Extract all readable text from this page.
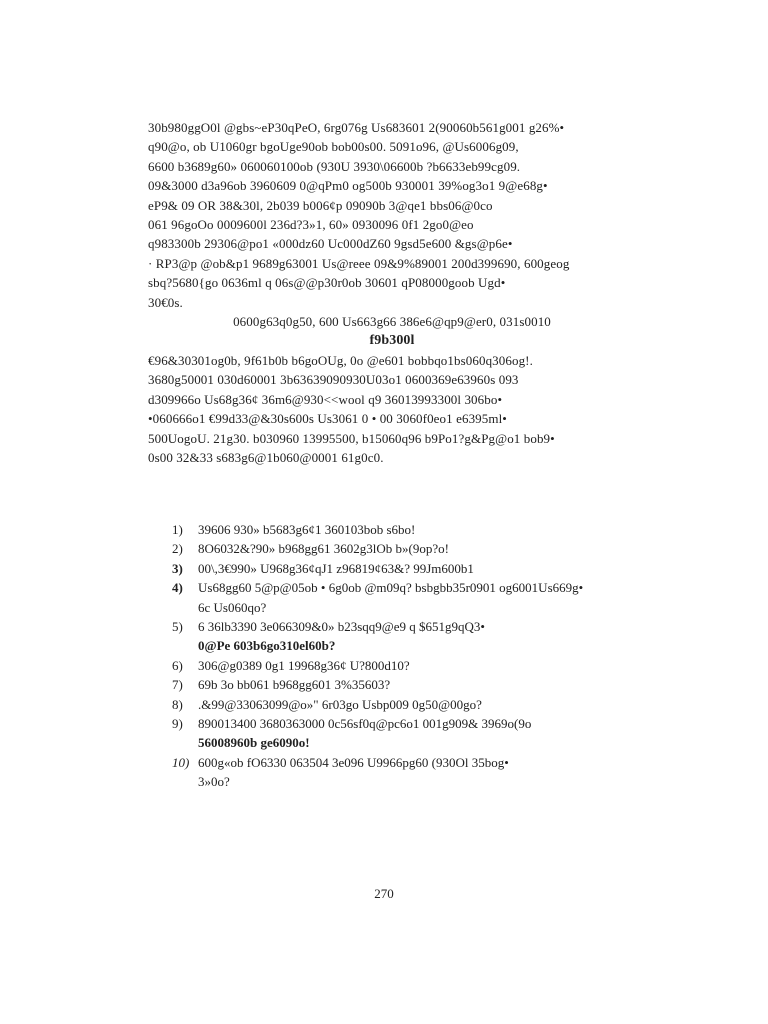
30b980ggO0l @gbs~eP30qPeO, 6rg076g Us683601 2(90060b561g001 g26%•
q90@o, ob U1060gr bgoUge90ob bob00s00. 5091o96, @Us6006g09,
6600 b3689g60» 060060100ob (930U 3930\06600b ?b6633eb99cg09.
09&3000 d3a96ob 3960609 0@qPm0 og500b 930001 39%og3o1 9@e68g•
eP9& 09 OR 38&30l, 2b039 b006¢p 09090b 3@qe1 bbs06@0co
061 96goOo 0009600l 236d?3»1, 60» 0930096 0f1 2go0@eo
q983300b 29306@po1 «000dz60 Uc000dZ60 9gsd5e600 &gs@p6e•
· RP3@p @ob&p1 9689g63001 Us@reee 09&9%89001 200d399690, 600geog
sbq?5680{go 0636ml q 06s@@p30r0ob 30601 qP08000goob Ugd•
30€0s.
0600g63q0g50, 600 Us663g66 386e6@qp9@er0, 031s0010
f9b300l
€96&30301og0b, 9f61b0b b6goOUg, 0o @e601 bobbqo1bs060q306og!.
3680g50001 030d60001 3b63639090930U03o1 0600369e63960s 093
d309966o Us68g36¢ 36m6@930<<wool q9 36013993300l 306bo•
•060666o1 €99d33@&30s600s Us3061 0 • 00 3060f0eo1 e6395ml•
500UogoU. 21g30. b030960 13995500, b15060q96 b9Po1?g&Pg@o1 bob9•
0s00 32&33 s683g6@1b060@0001 61g0c0.
1)	39606 930» b5683g6¢1 360103bob s6bo!
2)	8O6032&?90» b968gg61 3602g3lOb b»(9op?o!
3)	00\,3€990» U968g36¢qJ1 z96819¢63&? 99Jm600b1
4)	Us68gg60 5@p@05ob • 6g0ob @m09q? bsbgbb35r0901 og6001Us669g•
6c Us060qo?
5)	6 36lb3390 3e066309&0» b23sqq9@e9 q $651g9qQ3•
0@Pe 603b6go310el60b?
6)	306@g0389 0g1 19968g36¢ U?800d10?
7)	69b 3o bb061 b968gg601 3%35603?
8)	.&99@33063099@o»" 6r03go Usbp009 0g50@00go?
9)	890013400 3680363000 0c56sf0q@pc6o1 001g909& 3969o(9o
56008960b ge6090o!
10) 600g«ob fO6330 063504 3e096 U9966pg60 (930Ol 35bog•
3»0o?
270
